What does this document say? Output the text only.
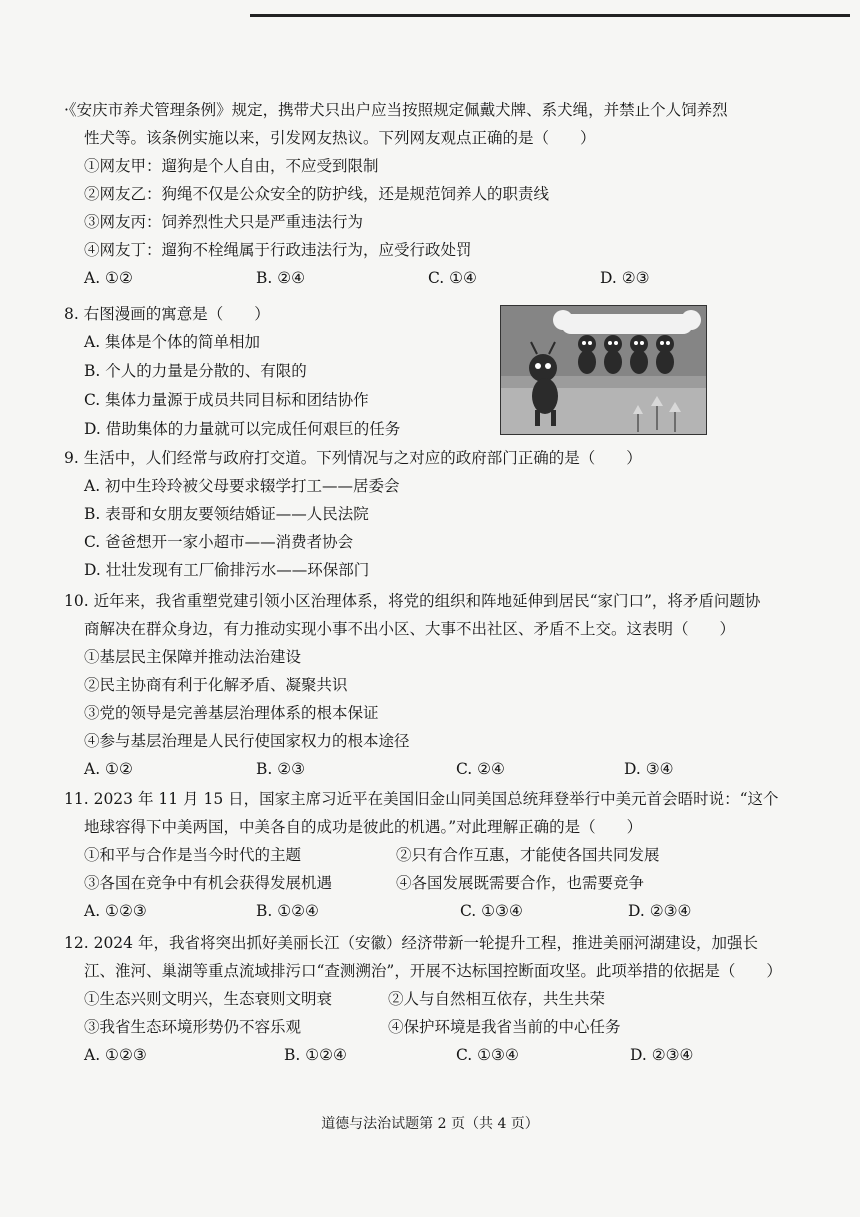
·《安庆市养犬管理条例》规定，携带犬只出户应当按照规定佩戴犬牌、系犬绳，并禁止个人饲养烈
性犬等。该条例实施以来，引发网友热议。下列网友观点正确的是（　　）
①网友甲：遛狗是个人自由，不应受到限制
②网友乙：狗绳不仅是公众安全的防护线，还是规范饲养人的职责线
③网友丙：饲养烈性犬只是严重违法行为
④网友丁：遛狗不栓绳属于行政违法行为，应受行政处罚
A. ①②	B. ②④	C. ①④	D. ②③
8. 右图漫画的寓意是（　　）
A. 集体是个体的简单相加
B. 个人的力量是分散的、有限的
C. 集体力量源于成员共同目标和团结协作
D. 借助集体的力量就可以完成任何艰巨的任务
9. 生活中，人们经常与政府打交道。下列情况与之对应的政府部门正确的是（　　）
A. 初中生玲玲被父母要求辍学打工——居委会
B. 表哥和女朋友要领结婚证——人民法院
C. 爸爸想开一家小超市——消费者协会
D. 壮壮发现有工厂偷排污水——环保部门
10. 近年来，我省重塑党建引领小区治理体系，将党的组织和阵地延伸到居民“家门口”，将矛盾问题协
商解决在群众身边，有力推动实现小事不出小区、大事不出社区、矛盾不上交。这表明（　　）
①基层民主保障并推动法治建设
②民主协商有利于化解矛盾、凝聚共识
③党的领导是完善基层治理体系的根本保证
④参与基层治理是人民行使国家权力的根本途径
A. ①②	B. ②③	C. ②④	D. ③④
11. 2023 年 11 月 15 日，国家主席习近平在美国旧金山同美国总统拜登举行中美元首会晤时说：“这个
地球容得下中美两国，中美各自的成功是彼此的机遇。”对此理解正确的是（　　）
①和平与合作是当今时代的主题	②只有合作互惠，才能使各国共同发展
③各国在竞争中有机会获得发展机遇	④各国发展既需要合作，也需要竞争
A. ①②③	B. ①②④	C. ①③④	D. ②③④
12. 2024 年，我省将突出抓好美丽长江（安徽）经济带新一轮提升工程，推进美丽河湖建设，加强长
江、淮河、巢湖等重点流域排污口“查测溯治”，开展不达标国控断面攻坚。此项举措的依据是（　　）
①生态兴则文明兴，生态衰则文明衰	②人与自然相互依存，共生共荣
③我省生态环境形势仍不容乐观	④保护环境是我省当前的中心任务
A. ①②③	B. ①②④	C. ①③④	D. ②③④
道德与法治试题第 2 页（共 4 页）
